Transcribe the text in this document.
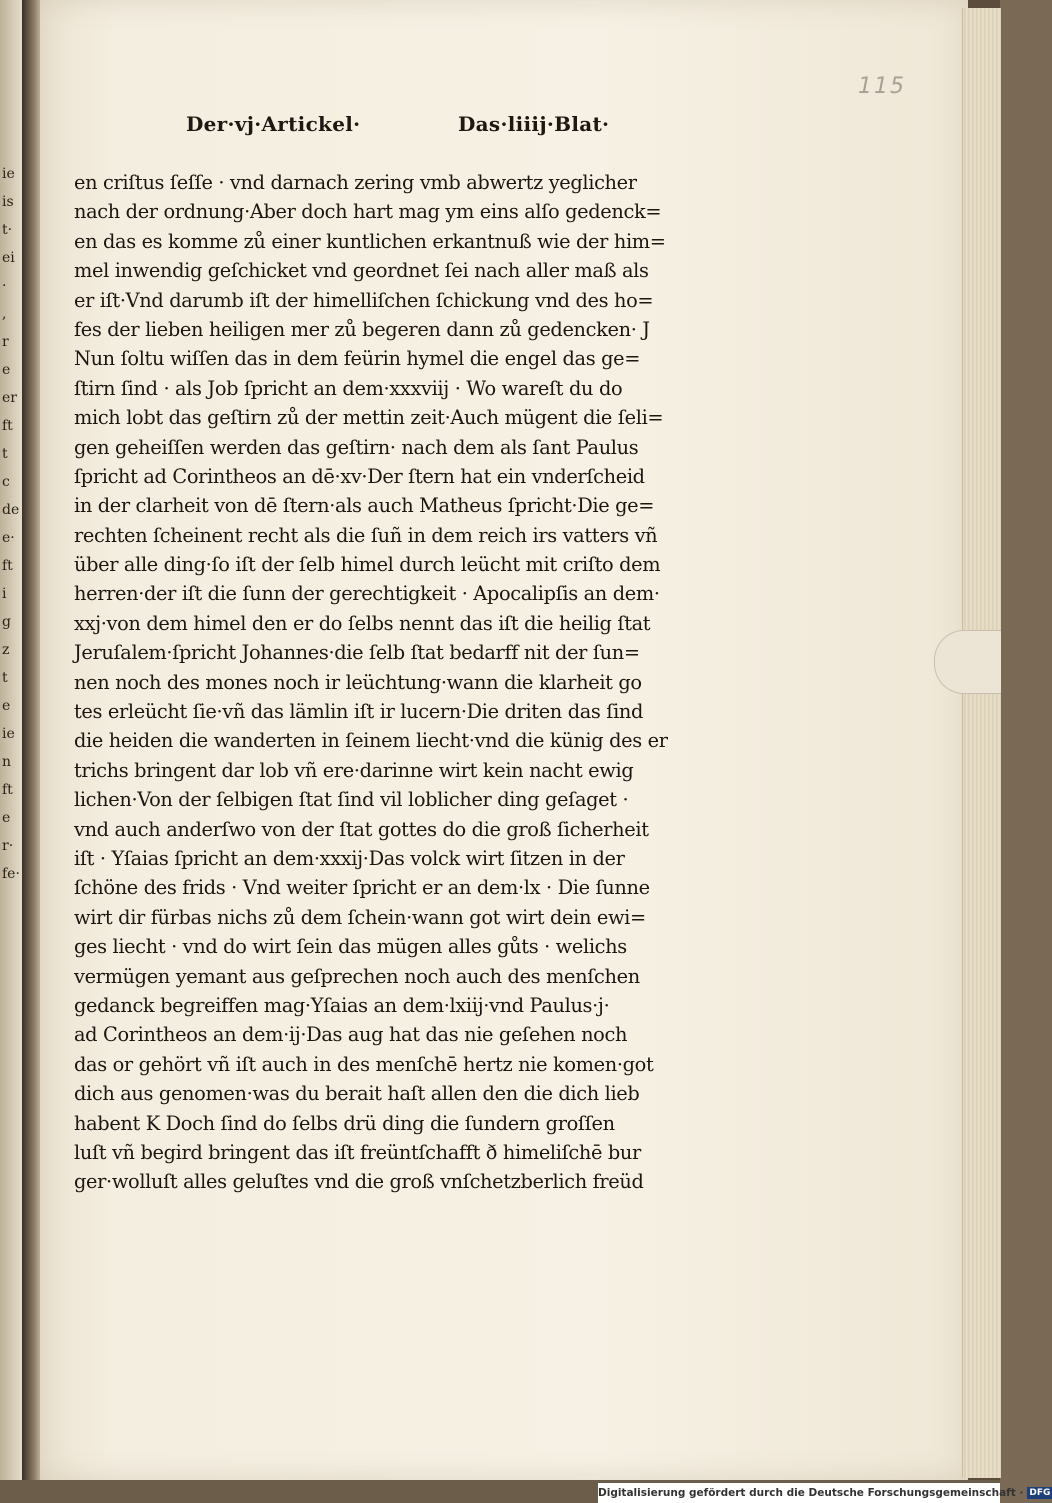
ie
is
t·
ei
·
,
r
e
er
ft
t
c
de
e·
ft
i
g
z
t
e
ie
n
ft
e
r·
fe·
115
Der·vj·Artickel·	Das·liiij·Blat·
en criſtus ſeſſe · vnd darnach zering vmb abwertz yeglicher
nach der ordnung·Aber doch hart mag ym eins alſo gedenck=
en das es komme zů einer kuntlichen erkantnuß wie der him=
mel inwendig geſchicket vnd geordnet ſei nach aller maß als
er iſt·Vnd darumb iſt der himelliſchen ſchickung vnd des ho=
fes der lieben heiligen mer zů begeren dann zů gedencken· J
Nun ſoltu wiſſen das in dem feürin hymel die engel das ge=
ſtirn ſind · als Job ſpricht an dem·xxxviij · Wo wareſt du do
mich lobt das geſtirn zů der mettin zeit·Auch mügent die ſeli=
gen geheiſſen werden das geſtirn· nach dem als ſant Paulus
ſpricht ad Corintheos an dē·xv·Der ſtern hat ein vnderſcheid
in der clarheit von dē ſtern·als auch Matheus ſpricht·Die ge=
rechten ſcheinent recht als die ſuñ in dem reich irs vatters vñ
über alle ding·ſo iſt der ſelb himel durch leücht mit criſto dem
herren·der iſt die ſunn der gerechtigkeit · Apocalipſis an dem·
xxj·von dem himel den er do ſelbs nennt das iſt die heilig ſtat
Jeruſalem·ſpricht Johannes·die ſelb ſtat bedarff nit der ſun=
nen noch des mones noch ir leüchtung·wann die klarheit go
tes erleücht ſie·vñ das lämlin iſt ir lucern·Die driten das ſind
die heiden die wanderten in ſeinem liecht·vnd die künig des er
trichs bringent dar lob vñ ere·darinne wirt kein nacht ewig
lichen·Von der ſelbigen ſtat ſind vil loblicher ding geſaget ·
vnd auch anderſwo von der ſtat gottes do die groß ſicherheit
iſt · Yſaias ſpricht an dem·xxxij·Das volck wirt ſitzen in der
ſchöne des frids · Vnd weiter ſpricht er an dem·lx · Die ſunne
wirt dir fürbas nichs zů dem ſchein·wann got wirt dein ewi=
ges liecht · vnd do wirt ſein das mügen alles gůts · welichs
vermügen yemant aus geſprechen noch auch des menſchen
gedanck begreiffen mag·Yſaias an dem·lxiij·vnd Paulus·j·
ad Corintheos an dem·ij·Das aug hat das nie geſehen noch
das or gehört vñ iſt auch in des menſchē hertz nie komen·got
dich aus genomen·was du berait haſt allen den die dich lieb
habent K Doch ſind do ſelbs drü ding die ſundern groſſen
luſt vñ begird bringent das iſt freüntſchafft ð himeliſchē bur
ger·wolluſt alles geluſtes vnd die groß vnſchetzberlich freüd
Digitalisierung gefördert durch die Deutsche Forschungsgemeinschaft · DFG
